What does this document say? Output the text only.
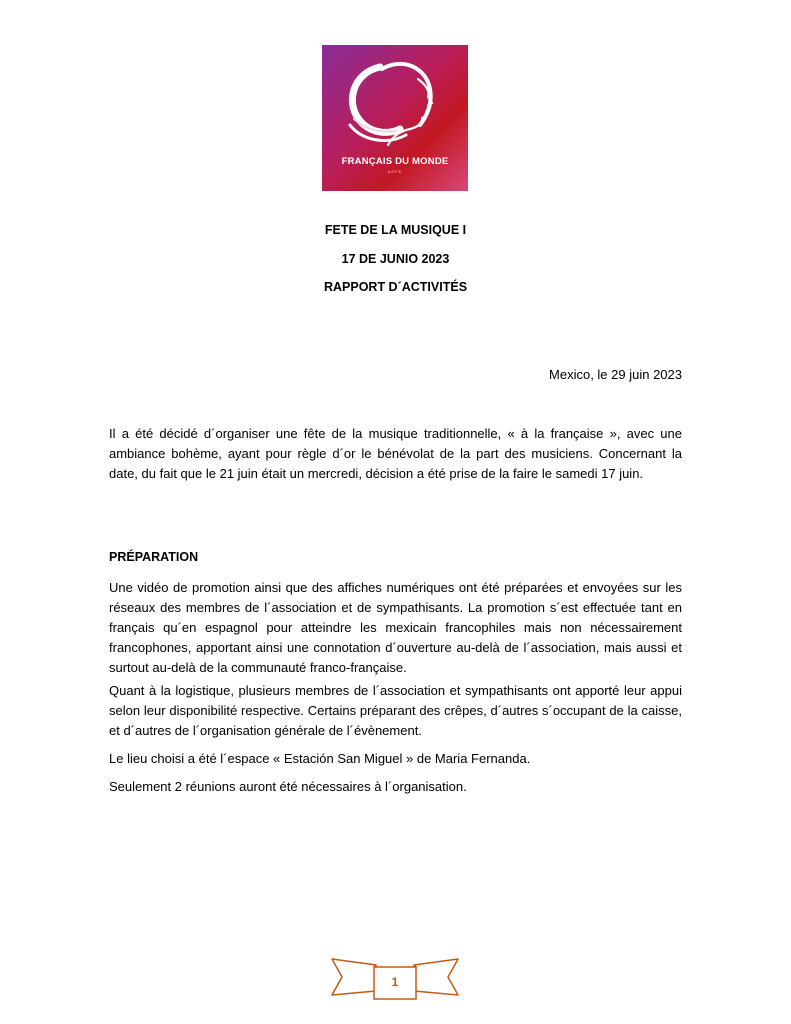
FRANÇAIS DU MONDE
ADFE
FETE DE LA MUSIQUE I
17 DE JUNIO 2023
RAPPORT D´ACTIVITÉS
Mexico, le 29 juin 2023

Il a été décidé d´organiser une fête de la musique traditionnelle, « à la française », avec une ambiance bohème, ayant pour règle d´or le bénévolat de la part des musiciens. Concernant la date, du fait que le 21 juin était un mercredi, décision a été prise de la faire le samedi 17 juin.

PRÉPARATION

Une vidéo de promotion ainsi que des affiches numériques ont été préparées et envoyées sur les réseaux des membres de l´association et de sympathisants. La promotion s´est effectuée tant en français qu´en espagnol pour atteindre les mexicain francophiles mais non nécessairement francophones, apportant ainsi une connotation d´ouverture au-delà de l´association, mais aussi et surtout au-delà de la communauté franco-française.

Quant à la logistique, plusieurs membres de l´association et sympathisants ont apporté leur appui selon leur disponibilité respective. Certains préparant des crêpes, d´autres s´occupant de la caisse, et d´autres de l´organisation générale de l´évènement.

Le lieu choisi a été l´espace « Estación San Miguel » de Maria Fernanda.

Seulement 2 réunions auront été nécessaires à l´organisation.

1
